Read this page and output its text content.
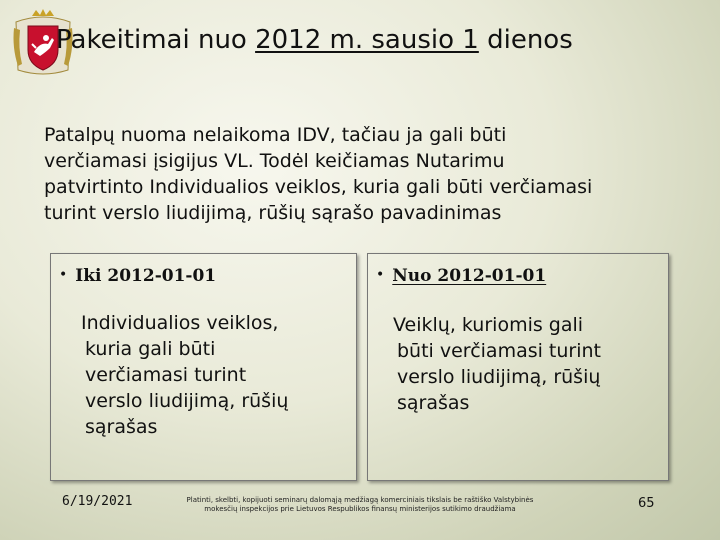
Pakeitimai nuo 2012 m. sausio 1 dienos
Patalpų nuoma nelaikoma IDV, tačiau ja gali būti
verčiamasi įsigijus VL. Todėl keičiamas Nutarimu
patvirtinto Individualios veiklos, kuria gali būti verčiamasi
turint verslo liudijimą, rūšių sąrašo pavadinimas
• Iki 2012-01-01
Individualios veiklos,
kuria gali būti
verčiamasi turint
verslo liudijimą, rūšių
sąrašas
• Nuo 2012-01-01
Veiklų, kuriomis gali
būti verčiamasi turint
verslo liudijimą, rūšių
sąrašas
6/19/2021	Platinti, skelbti, kopijuoti seminarų dalomąją medžiagą komerciniais tikslais be raštiško Valstybinės
mokesčių inspekcijos prie Lietuvos Respublikos finansų ministerijos sutikimo draudžiama	65
